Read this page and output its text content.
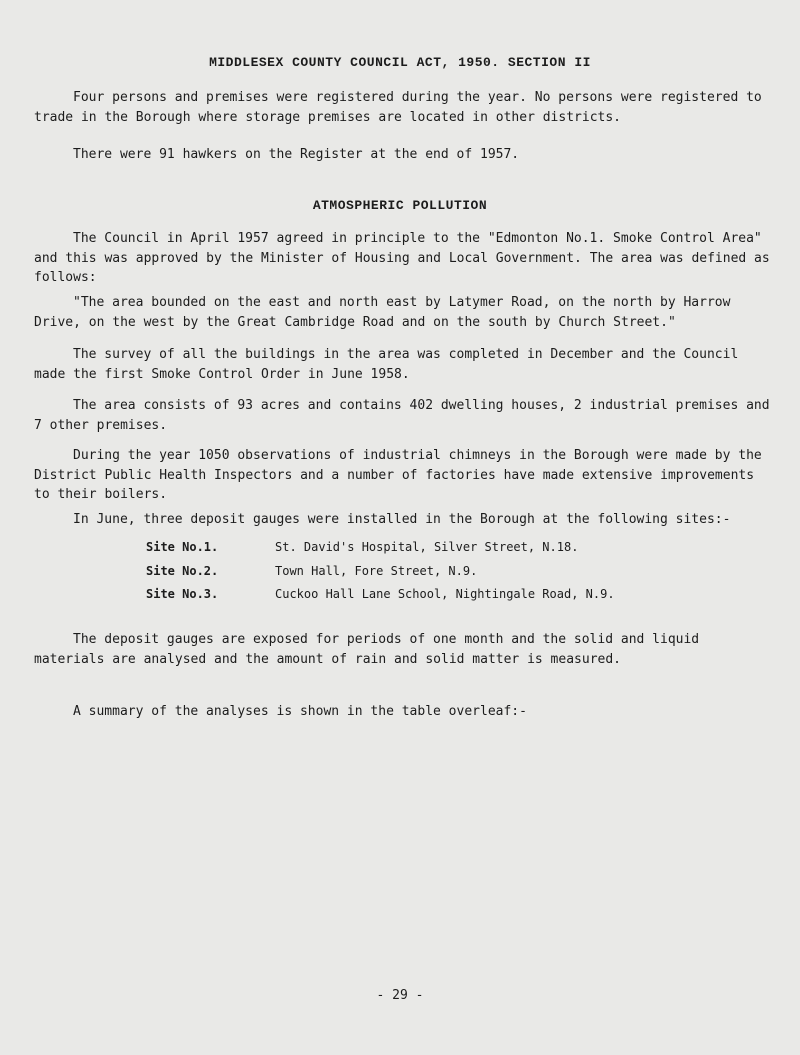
MIDDLESEX COUNTY COUNCIL ACT, 1950. SECTION II
Four persons and premises were registered during the year. No persons were registered to trade in the Borough where storage premises are located in other districts.
There were 91 hawkers on the Register at the end of 1957.
ATMOSPHERIC POLLUTION
The Council in April 1957 agreed in principle to the "Edmonton No.1. Smoke Control Area" and this was approved by the Minister of Housing and Local Government. The area was defined as follows:
"The area bounded on the east and north east by Latymer Road, on the north by Harrow Drive, on the west by the Great Cambridge Road and on the south by Church Street."
The survey of all the buildings in the area was completed in December and the Council made the first Smoke Control Order in June 1958.
The area consists of 93 acres and contains 402 dwelling houses, 2 industrial premises and 7 other premises.
During the year 1050 observations of industrial chimneys in the Borough were made by the District Public Health Inspectors and a number of factories have made extensive improvements to their boilers.
In June, three deposit gauges were installed in the Borough at the following sites:-
Site No.1.	St. David's Hospital, Silver Street, N.18.
Site No.2.	Town Hall, Fore Street, N.9.
Site No.3.	Cuckoo Hall Lane School, Nightingale Road, N.9.
The deposit gauges are exposed for periods of one month and the solid and liquid materials are analysed and the amount of rain and solid matter is measured.
A summary of the analyses is shown in the table overleaf:-
- 29 -
